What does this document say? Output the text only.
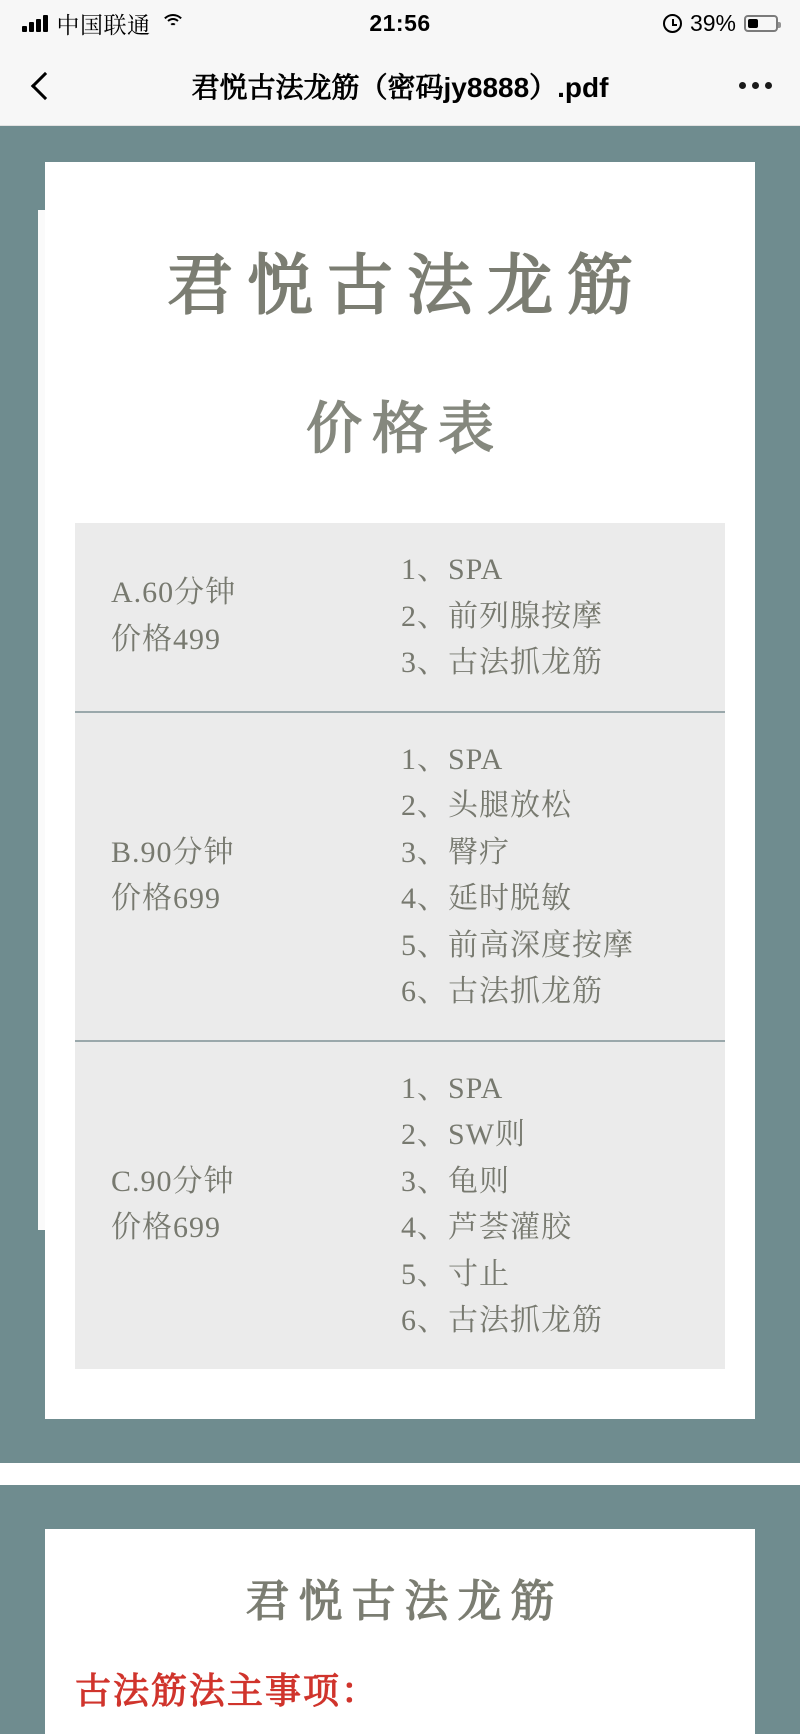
中国联通	21:56	39%
君悦古法龙筋（密码jy8888）.pdf
君悦古法龙筋
价格表
A.60分钟
价格499
1、SPA
2、前列腺按摩
3、古法抓龙筋
B.90分钟
价格699
1、SPA
2、头腿放松
3、臀疗
4、延时脱敏
5、前高深度按摩
6、古法抓龙筋
C.90分钟
价格699
1、SPA
2、SW则
3、龟则
4、芦荟灌胶
5、寸止
6、古法抓龙筋
君悦古法龙筋
古法筋法主事项：
